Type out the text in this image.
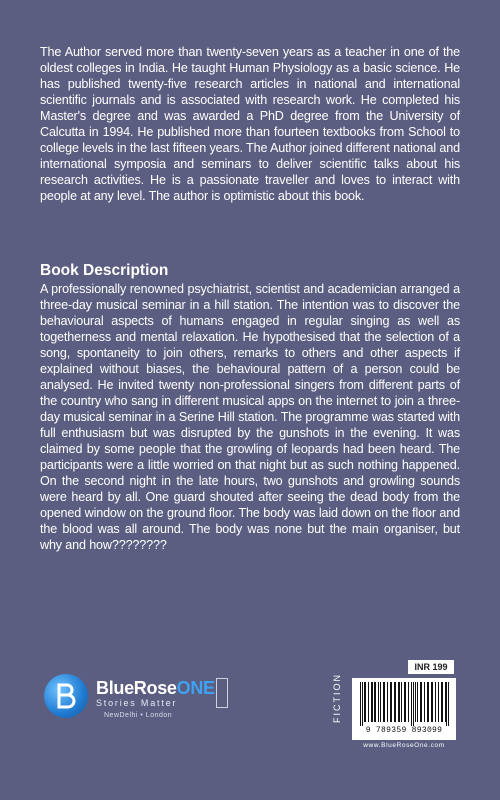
The Author served more than twenty-seven years as a teacher in one of the oldest colleges in India. He taught Human Physiology as a basic science. He has published twenty-five research articles in national and international scientific journals and is associated with research work. He completed his Master's degree and was awarded a PhD degree from the University of Calcutta in 1994. He published more than fourteen textbooks from School to college levels in the last fifteen years. The Author joined different national and international symposia and seminars to deliver scientific talks about his research activities. He is a passionate traveller and loves to interact with people at any level. The author is optimistic about this book.

Book Description

A professionally renowned psychiatrist, scientist and academician arranged a three-day musical seminar in a hill station. The intention was to discover the behavioural aspects of humans engaged in regular singing as well as togetherness and mental relaxation. He hypothesised that the selection of a song, spontaneity to join others, remarks to others and other aspects if explained without biases, the behavioural pattern of a person could be analysed. He invited twenty non-professional singers from different parts of the country who sang in different musical apps on the internet to join a three-day musical seminar in a Serine Hill station. The programme was started with full enthusiasm but was disrupted by the gunshots in the evening. It was claimed by some people that the growling of leopards had been heard. The participants were a little worried on that night but as such nothing happened. On the second night in the late hours, two gunshots and growling sounds were heard by all. One guard shouted after seeing the dead body from the opened window on the ground floor. The body was laid down on the floor and the blood was all around. The body was none but the main organiser, but why and how????????

BlueRoseONE
Stories Matter
NewDelhi • London
INR 199
FICTION
9 789359 893099
www.BlueRoseOne.com
